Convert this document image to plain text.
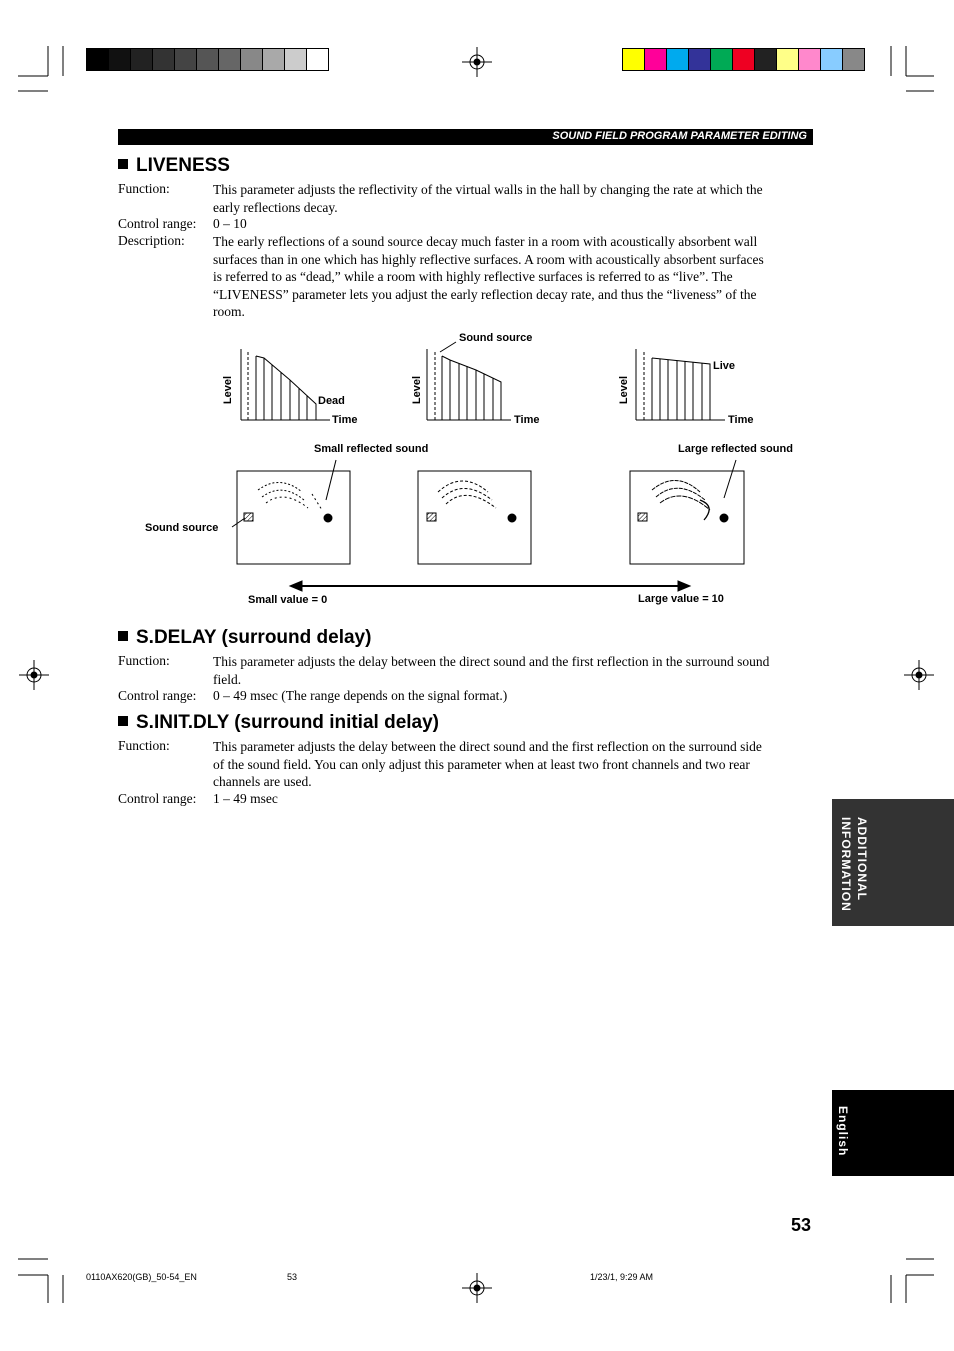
SOUND FIELD PROGRAM PARAMETER EDITING
LIVENESS
Function:	This parameter adjusts the reflectivity of the virtual walls in the hall by changing the rate at which the
early reflections decay.
Control range: 0 – 10
Description: The early reflections of a sound source decay much faster in a room with acoustically absorbent wall
surfaces than in one which has highly reflective surfaces. A room with acoustically absorbent surfaces
is referred to as “dead,” while a room with highly reflective surfaces is referred to as “live”. The
“LIVENESS” parameter lets you adjust the early reflection decay rate, and thus the “liveness” of the
room.
Level	Level	Level
Dead
Time
Sound source
Time
Live
Time
Small reflected sound	Large reflected sound
Sound source
Small value = 0	Large value = 10
S.DELAY (surround delay)
Function:	This parameter adjusts the delay between the direct sound and the first reflection in the surround sound
field.
Control range: 0 – 49 msec (The range depends on the signal format.)
S.INIT.DLY (surround initial delay)
Function:	This parameter adjusts the delay between the direct sound and the first reflection on the surround side
of the sound field. You can only adjust this parameter when at least two front channels and two rear
channels are used.
Control range: 1 – 49 msec
ADDITIONAL INFORMATION
English
53
0110AX620(GB)_50-54_EN	53	1/23/1, 9:29 AM
